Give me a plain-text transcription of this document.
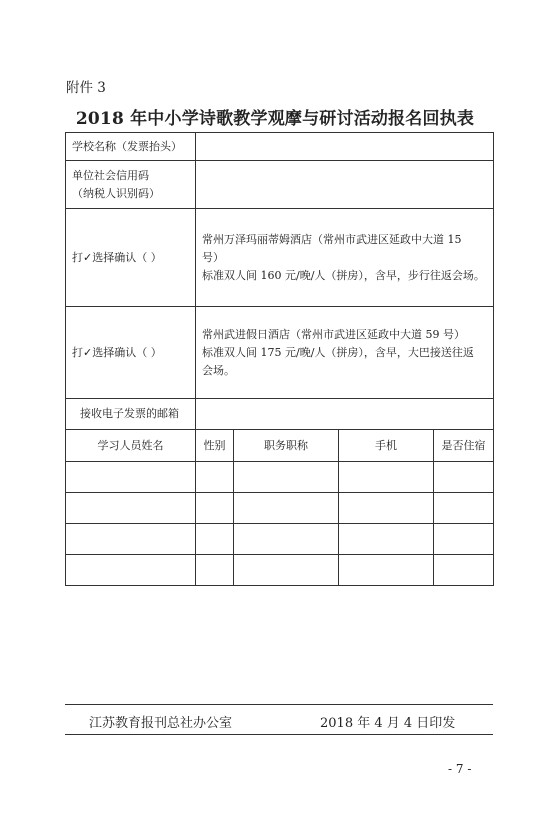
附件 3
2018 年中小学诗歌教学观摩与研讨活动报名回执表
学校名称（发票抬头）				

单位社会信用码
（纳税人识别码）				

打✓选择确认（ ）	常州万泽玛丽蒂姆酒店（常州市武进区延政中大道 15
号）
标准双人间 160 元/晚/人（拼房），含早，步行往返会场。			

打✓选择确认（ ）	常州武进假日酒店（常州市武进区延政中大道 59 号）
标准双人间 175 元/晚/人（拼房），含早，大巴接送往返
会场。			

接收电子发票的邮箱				
学习人员姓名	性别	职务职称	手机	是否住宿

江苏教育报刊总社办公室	2018 年 4 月 4 日印发
- 7 -
